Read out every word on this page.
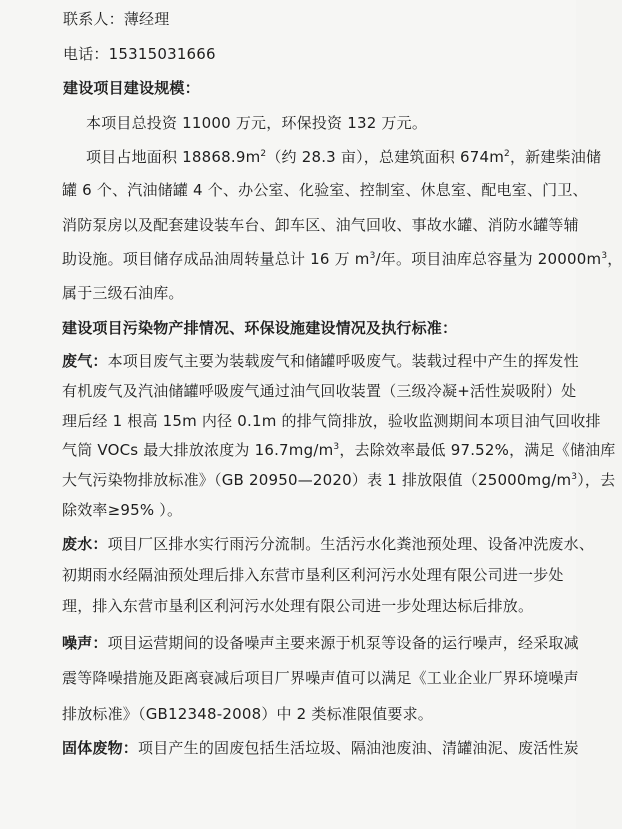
联系人：薄经理
电话：15315031666
建设项目建设规模：
本项目总投资 11000 万元，环保投资 132 万元。
项目占地面积 $18868.9m^2$（约 28.3 亩），总建筑面积 $674m^2$，新建柴油储
罐 6 个、汽油储罐 4 个、办公室、化验室、控制室、休息室、配电室、门卫、
消防泵房以及配套建设装车台、卸车区、油气回收、事故水罐、消防水罐等辅
助设施。项目储存成品油周转量总计 16 万 $m^3/$年。项目油库总容量为 $20000m^3$，
属于三级石油库。
建设项目污染物产排情况、环保设施建设情况及执行标准：
废气：本项目废气主要为装载废气和储罐呼吸废气。装载过程中产生的挥发性
有机废气及汽油储罐呼吸废气通过油气回收装置（三级冷凝+活性炭吸附）处
理后经 1 根高 15m 内径 0.1m 的排气筒排放，验收监测期间本项目油气回收排
气筒 VOCs 最大排放浓度为 $16.7mg/m^3$，去除效率最低 97.52%，满足《储油库
大气污染物排放标准》（GB 20950—2020）表 1 排放限值$(25000mg/m^3)$，去
除效率≥95% ）。
废水：项目厂区排水实行雨污分流制。生活污水化粪池预处理、设备冲洗废水、
初期雨水经隔油预处理后排入东营市垦利区利河污水处理有限公司进一步处
理，排入东营市垦利区利河污水处理有限公司进一步处理达标后排放。
噪声：项目运营期间的设备噪声主要来源于机泵等设备的运行噪声，经采取减
震等降噪措施及距离衰减后项目厂界噪声值可以满足《工业企业厂界环境噪声
排放标准》（GB12348-2008）中 2 类标准限值要求。
固体废物：项目产生的固废包括生活垃圾、隔油池废油、清罐油泥、废活性炭
